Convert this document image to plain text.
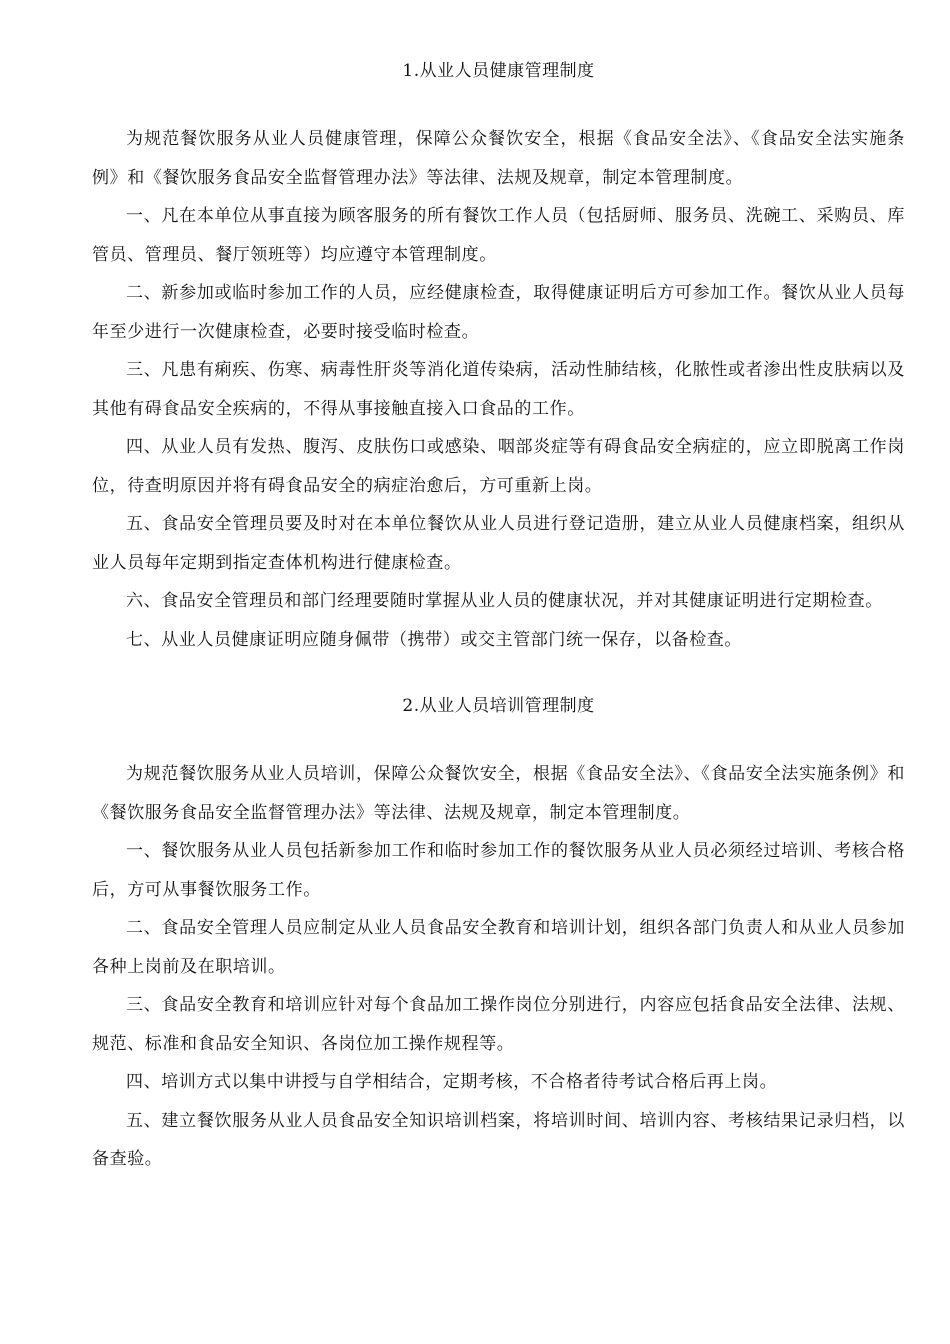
1.从业人员健康管理制度

为规范餐饮服务从业人员健康管理，保障公众餐饮安全，根据《食品安全法》、《食品安全法实施条例》和《餐饮服务食品安全监督管理办法》等法律、法规及规章，制定本管理制度。

一、凡在本单位从事直接为顾客服务的所有餐饮工作人员（包括厨师、服务员、洗碗工、采购员、库管员、管理员、餐厅领班等）均应遵守本管理制度。

二、新参加或临时参加工作的人员，应经健康检查，取得健康证明后方可参加工作。餐饮从业人员每年至少进行一次健康检查，必要时接受临时检查。

三、凡患有痢疾、伤寒、病毒性肝炎等消化道传染病，活动性肺结核，化脓性或者渗出性皮肤病以及其他有碍食品安全疾病的，不得从事接触直接入口食品的工作。

四、从业人员有发热、腹泻、皮肤伤口或感染、咽部炎症等有碍食品安全病症的，应立即脱离工作岗位，待查明原因并将有碍食品安全的病症治愈后，方可重新上岗。

五、食品安全管理员要及时对在本单位餐饮从业人员进行登记造册，建立从业人员健康档案，组织从业人员每年定期到指定查体机构进行健康检查。

六、食品安全管理员和部门经理要随时掌握从业人员的健康状况，并对其健康证明进行定期检查。

七、从业人员健康证明应随身佩带（携带）或交主管部门统一保存，以备检查。

2.从业人员培训管理制度

为规范餐饮服务从业人员培训，保障公众餐饮安全，根据《食品安全法》、《食品安全法实施条例》和《餐饮服务食品安全监督管理办法》等法律、法规及规章，制定本管理制度。

一、餐饮服务从业人员包括新参加工作和临时参加工作的餐饮服务从业人员必须经过培训、考核合格后，方可从事餐饮服务工作。

二、食品安全管理人员应制定从业人员食品安全教育和培训计划，组织各部门负责人和从业人员参加各种上岗前及在职培训。

三、食品安全教育和培训应针对每个食品加工操作岗位分别进行，内容应包括食品安全法律、法规、规范、标准和食品安全知识、各岗位加工操作规程等。

四、培训方式以集中讲授与自学相结合，定期考核，不合格者待考试合格后再上岗。

五、建立餐饮服务从业人员食品安全知识培训档案，将培训时间、培训内容、考核结果记录归档，以备查验。
